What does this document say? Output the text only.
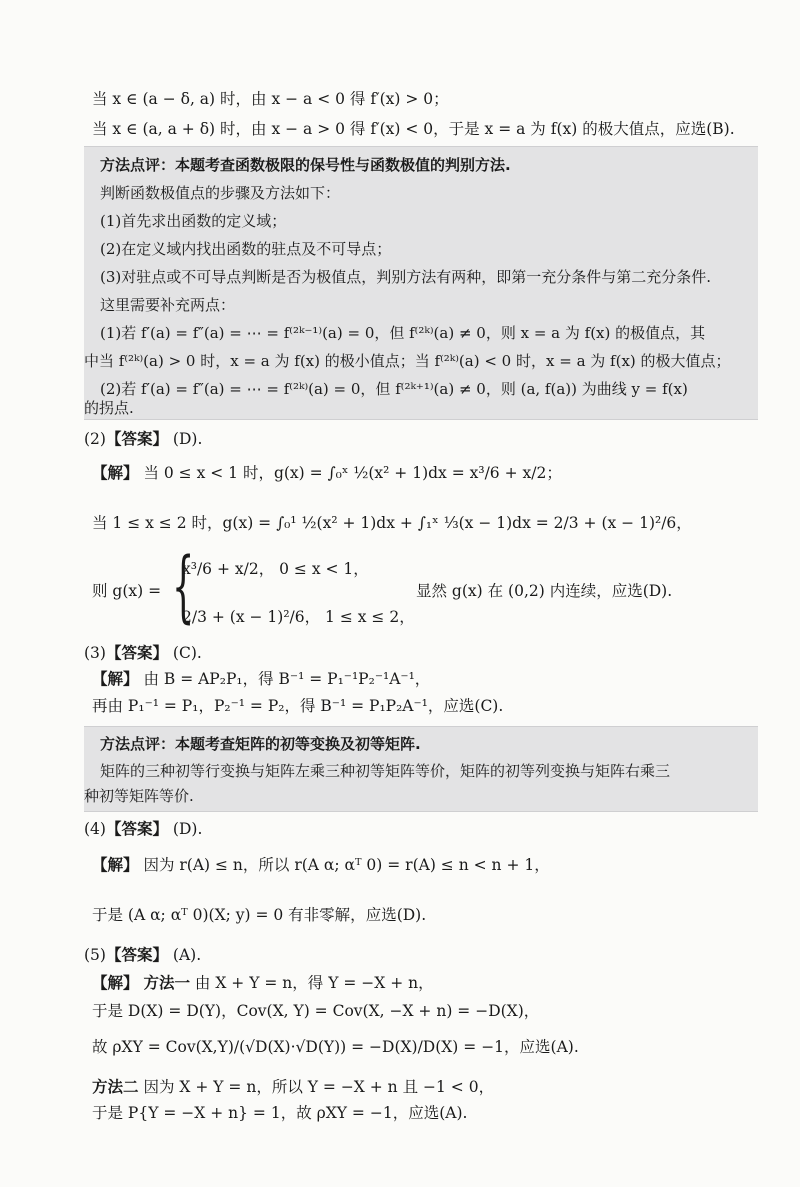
当 x ∈ (a − δ, a) 时，由 x − a < 0 得 f′(x) > 0；
当 x ∈ (a, a + δ) 时，由 x − a > 0 得 f′(x) < 0，于是 x = a 为 f(x) 的极大值点，应选(B).
方法点评：本题考查函数极限的保号性与函数极值的判别方法.
判断函数极值点的步骤及方法如下：
(1)首先求出函数的定义域；
(2)在定义域内找出函数的驻点及不可导点；
(3)对驻点或不可导点判断是否为极值点，判别方法有两种，即第一充分条件与第二充分条件.
这里需要补充两点：
(1)若 f′(a) = f″(a) = ⋯ = f⁽²ᵏ⁻¹⁾(a) = 0，但 f⁽²ᵏ⁾(a) ≠ 0，则 x = a 为 f(x) 的极值点，其
中当 f⁽²ᵏ⁾(a) > 0 时，x = a 为 f(x) 的极小值点；当 f⁽²ᵏ⁾(a) < 0 时，x = a 为 f(x) 的极大值点；
(2)若 f′(a) = f″(a) = ⋯ = f⁽²ᵏ⁾(a) = 0，但 f⁽²ᵏ⁺¹⁾(a) ≠ 0，则 (a, f(a)) 为曲线 y = f(x)
的拐点.
(2)【答案】 (D).
【解】 当 0 ≤ x < 1 时，g(x) = ∫₀ˣ ½(x² + 1)dx = x³/6 + x/2；
当 1 ≤ x ≤ 2 时，g(x) = ∫₀¹ ½(x² + 1)dx + ∫₁ˣ ⅓(x − 1)dx = 2/3 + (x − 1)²/6，
则 g(x) = {
x³/6 + x/2， 0 ≤ x < 1，
2/3 + (x − 1)²/6， 1 ≤ x ≤ 2，
显然 g(x) 在 (0,2) 内连续，应选(D).
(3)【答案】 (C).
【解】 由 B = AP₂P₁，得 B⁻¹ = P₁⁻¹P₂⁻¹A⁻¹，
再由 P₁⁻¹ = P₁，P₂⁻¹ = P₂，得 B⁻¹ = P₁P₂A⁻¹，应选(C).
方法点评：本题考查矩阵的初等变换及初等矩阵.
矩阵的三种初等行变换与矩阵左乘三种初等矩阵等价，矩阵的初等列变换与矩阵右乘三
种初等矩阵等价.
(4)【答案】 (D).
【解】 因为 r(A) ≤ n，所以 r(A α; αᵀ 0) = r(A) ≤ n < n + 1，
于是 (A α; αᵀ 0)(X; y) = 0 有非零解，应选(D).
(5)【答案】 (A).
【解】 方法一 由 X + Y = n，得 Y = −X + n，
于是 D(X) = D(Y)，Cov(X, Y) = Cov(X, −X + n) = −D(X)，
故 ρXY = Cov(X,Y)/(√D(X)·√D(Y)) = −D(X)/D(X) = −1，应选(A).
方法二 因为 X + Y = n，所以 Y = −X + n 且 −1 < 0，
于是 P{Y = −X + n} = 1，故 ρXY = −1，应选(A).
